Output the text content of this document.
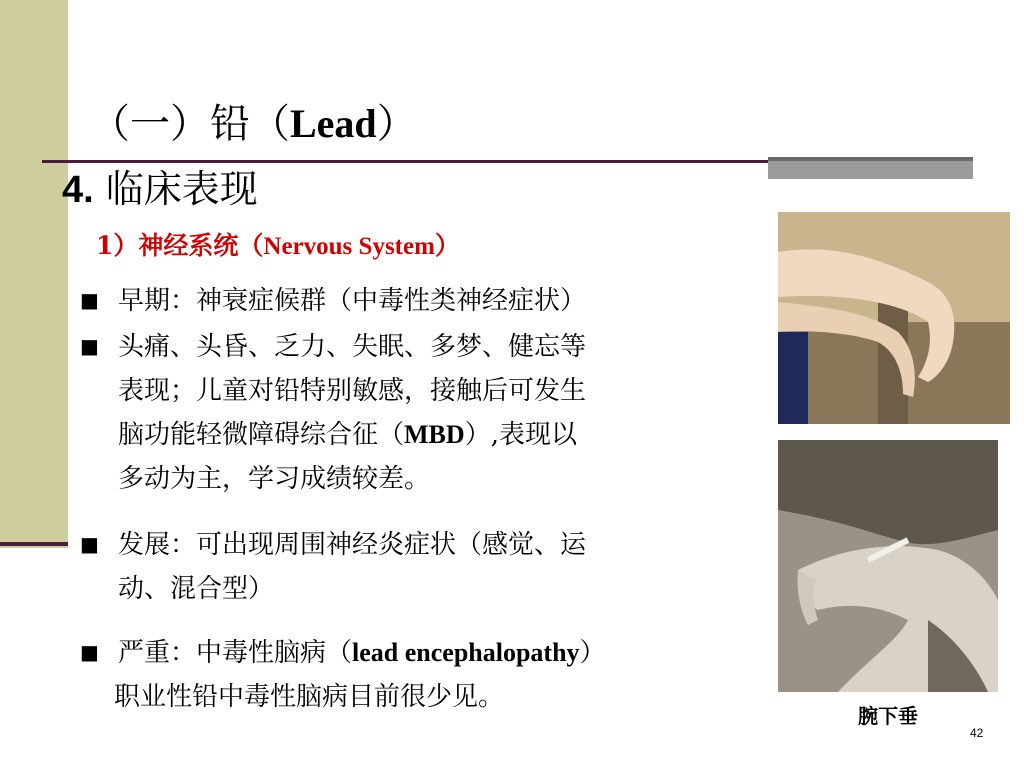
（一）铅（Lead）
4. 临床表现
1）神经系统（Nervous System）
■ 早期：神衰症候群（中毒性类神经症状）
■ 头痛、头昏、乏力、失眠、多梦、健忘等
表现；儿童对铅特别敏感，接触后可发生
脑功能轻微障碍综合征（MBD）,表现以
多动为主，学习成绩较差。
■ 发展：可出现周围神经炎症状（感觉、运
动、混合型）
■ 严重：中毒性脑病（lead encephalopathy）
职业性铅中毒性脑病目前很少见。
腕下垂
42
